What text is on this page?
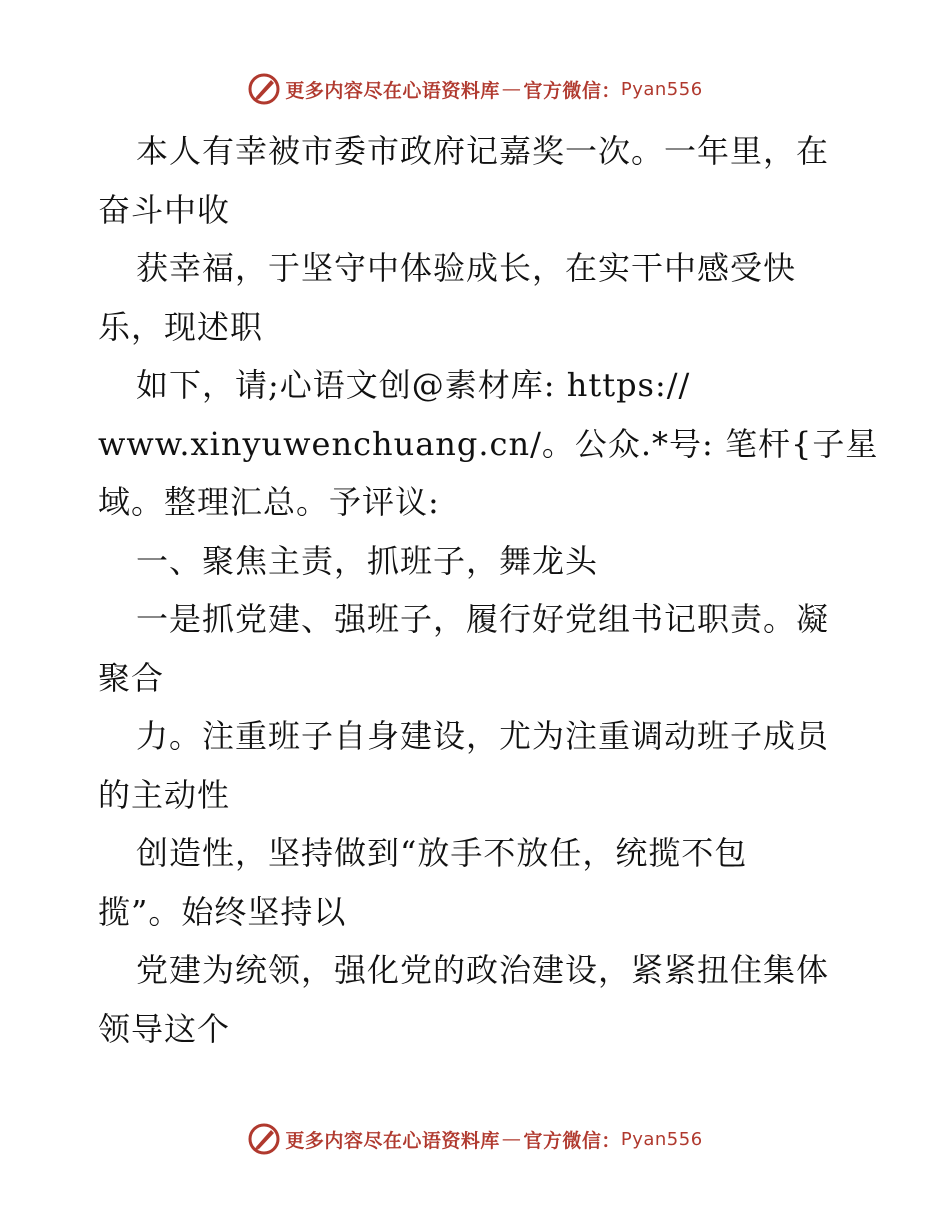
更多内容尽在心语资料库 — 官方微信： Pyan556
本人有幸被市委市政府记嘉奖一次。一年里，在
奋斗中收
获幸福，于坚守中体验成长，在实干中感受快
乐，现述职
如下，请;心语文创@素材库: https://
www.xinyuwenchuang.cn/。公众.*号: 笔杆{子星
域。整理汇总。予评议:
一、聚焦主责，抓班子，舞龙头
一是抓党建、强班子，履行好党组书记职责。凝
聚合
力。注重班子自身建设，尤为注重调动班子成员
的主动性
创造性，坚持做到“放手不放任，统揽不包
揽”。始终坚持以
党建为统领，强化党的政治建设，紧紧扭住集体
领导这个
更多内容尽在心语资料库 — 官方微信： Pyan556
